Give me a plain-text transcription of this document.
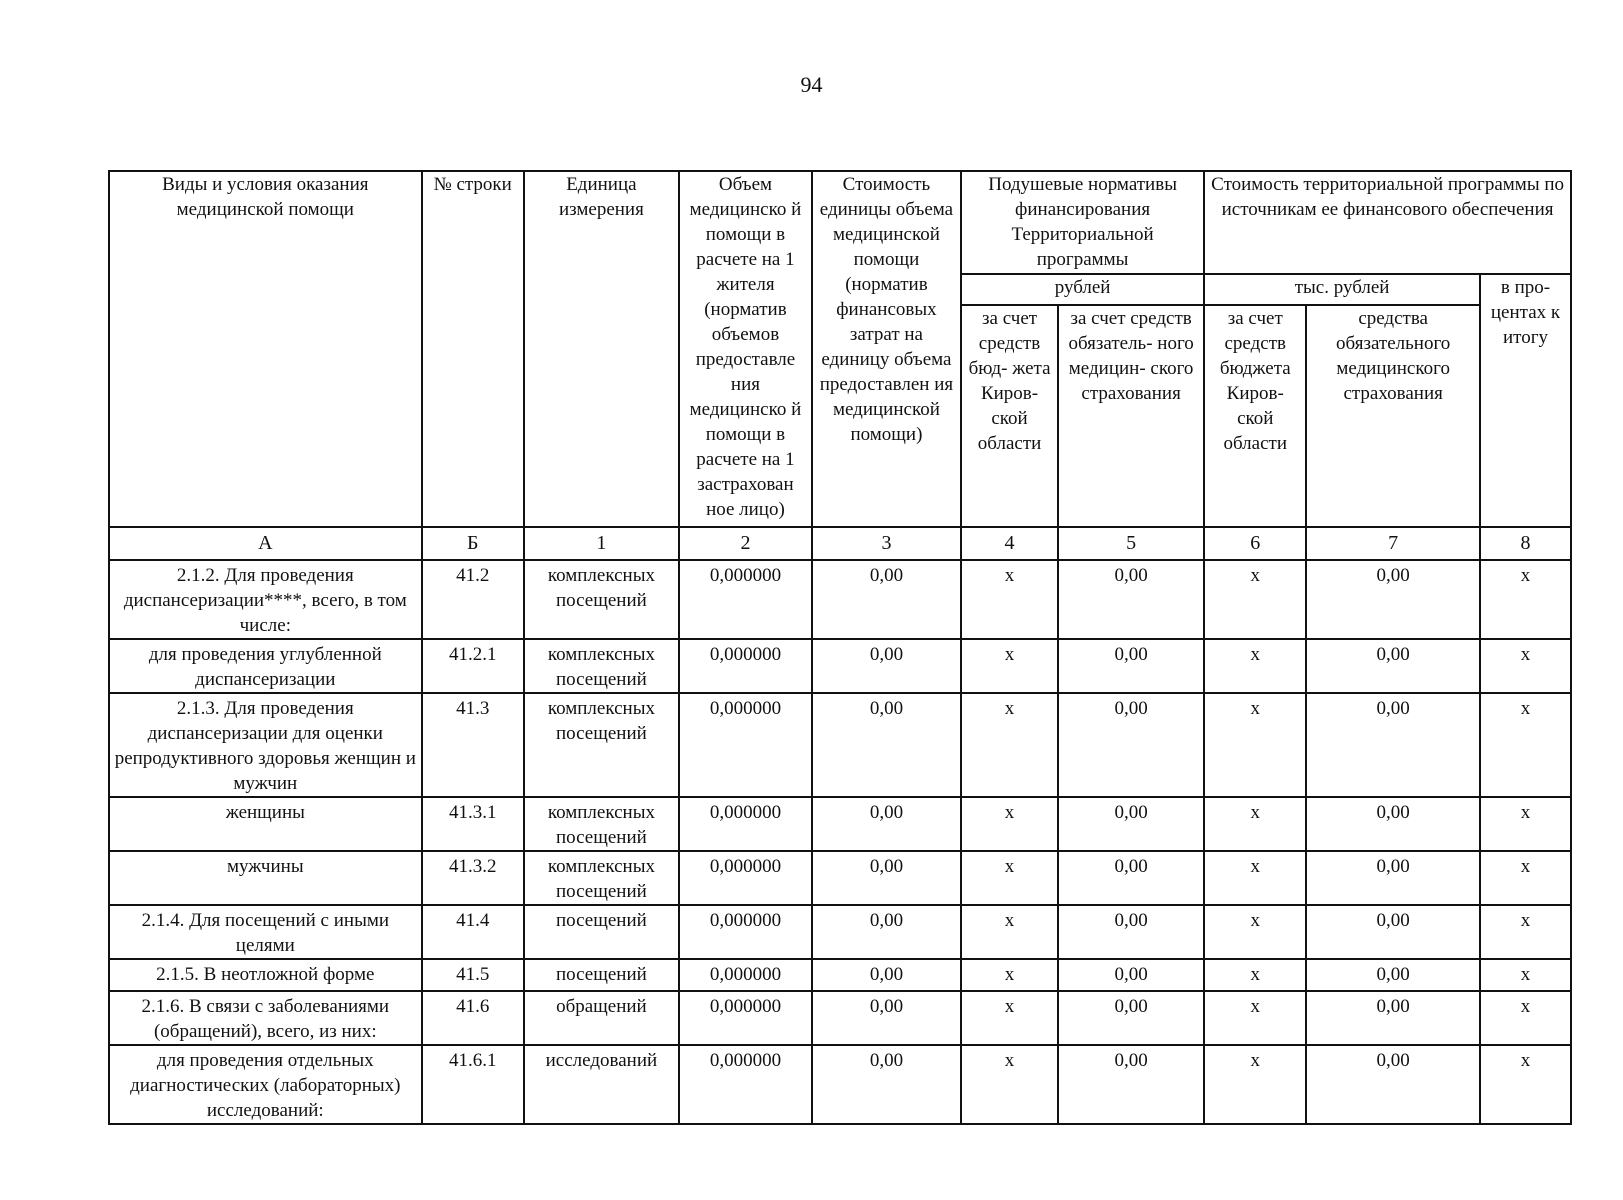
94
Виды и условия оказания медицинской помощи	№ строки	Единица измерения	Объем медицинско й помощи в расчете на 1 жителя (норматив объемов предоставле ния медицинско й помощи в расчете на 1 застрахован ное лицо)	Стоимость единицы объема медицинской помощи (норматив финансовых затрат на единицу объема предоставлен ия медицинской помощи)	Подушевые нормативы финансирования Территориальной программы		Стоимость территориальной программы по источникам ее финансового обеспечения		
					рублей		тыс. рублей		в про- центах к итогу
					за счет средств бюд- жета Киров- ской области	за счет средств обязатель- ного медицин- ского страхования	за счет средств бюджета Киров- ской области	средства обязательного медицинского страхования	
А	Б	1	2	3	4	5	6	7	8
2.1.2. Для проведения диспансеризации****, всего, в том числе:	41.2	комплексных посещений	0,000000	0,00	х	0,00	х	0,00	х
для проведения углубленной диспансеризации	41.2.1	комплексных посещений	0,000000	0,00	х	0,00	х	0,00	х
2.1.3. Для проведения диспансеризации для оценки репродуктивного здоровья женщин и мужчин	41.3	комплексных посещений	0,000000	0,00	х	0,00	х	0,00	х
женщины	41.3.1	комплексных посещений	0,000000	0,00	х	0,00	х	0,00	х
мужчины	41.3.2	комплексных посещений	0,000000	0,00	х	0,00	х	0,00	х
2.1.4. Для посещений с иными целями	41.4	посещений	0,000000	0,00	х	0,00	х	0,00	х
2.1.5. В неотложной форме	41.5	посещений	0,000000	0,00	х	0,00	х	0,00	х
2.1.6. В связи с заболеваниями (обращений), всего, из них:	41.6	обращений	0,000000	0,00	х	0,00	х	0,00	х
для проведения отдельных диагностических (лабораторных) исследований:	41.6.1	исследований	0,000000	0,00	х	0,00	х	0,00	х
